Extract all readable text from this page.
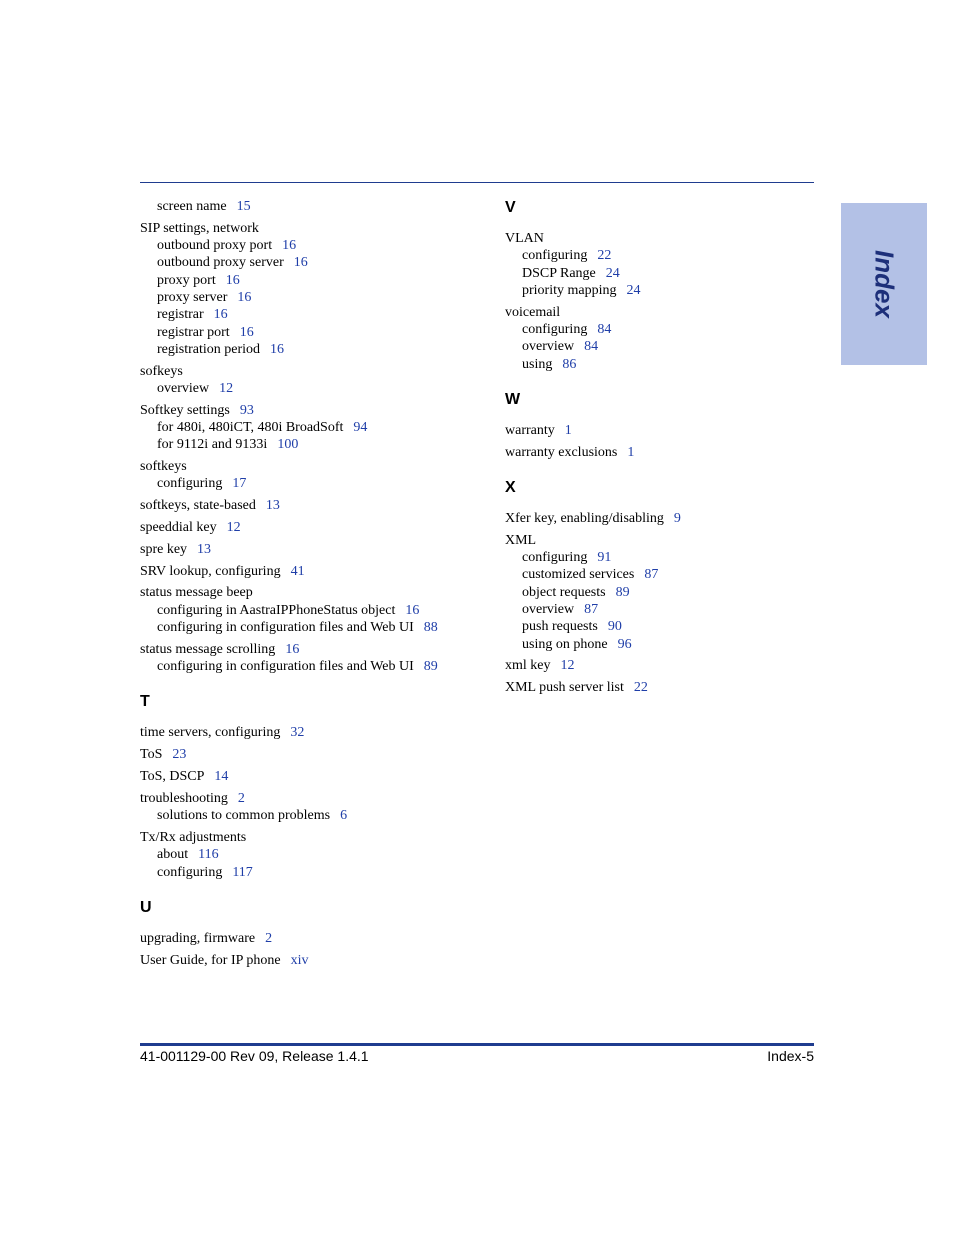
Index
screen name 15
SIP settings, network
outbound proxy port 16
outbound proxy server 16
proxy port 16
proxy server 16
registrar 16
registrar port 16
registration period 16
sofkeys
overview 12
Softkey settings 93
for 480i, 480iCT, 480i BroadSoft 94
for 9112i and 9133i 100
softkeys
configuring 17
softkeys, state-based 13
speeddial key 12
spre key 13
SRV lookup, configuring 41
status message beep
configuring in AastraIPPhoneStatus object 16
configuring in configuration files and Web UI 88
status message scrolling 16
configuring in configuration files and Web UI 89
T
time servers, configuring 32
ToS 23
ToS, DSCP 14
troubleshooting 2
solutions to common problems 6
Tx/Rx adjustments
about 116
configuring 117
U
upgrading, firmware 2
User Guide, for IP phone xiv
V
VLAN
configuring 22
DSCP Range 24
priority mapping 24
voicemail
configuring 84
overview 84
using 86
W
warranty 1
warranty exclusions 1
X
Xfer key, enabling/disabling 9
XML
configuring 91
customized services 87
object requests 89
overview 87
push requests 90
using on phone 96
xml key 12
XML push server list 22
41-001129-00 Rev 09, Release 1.4.1	Index-5
